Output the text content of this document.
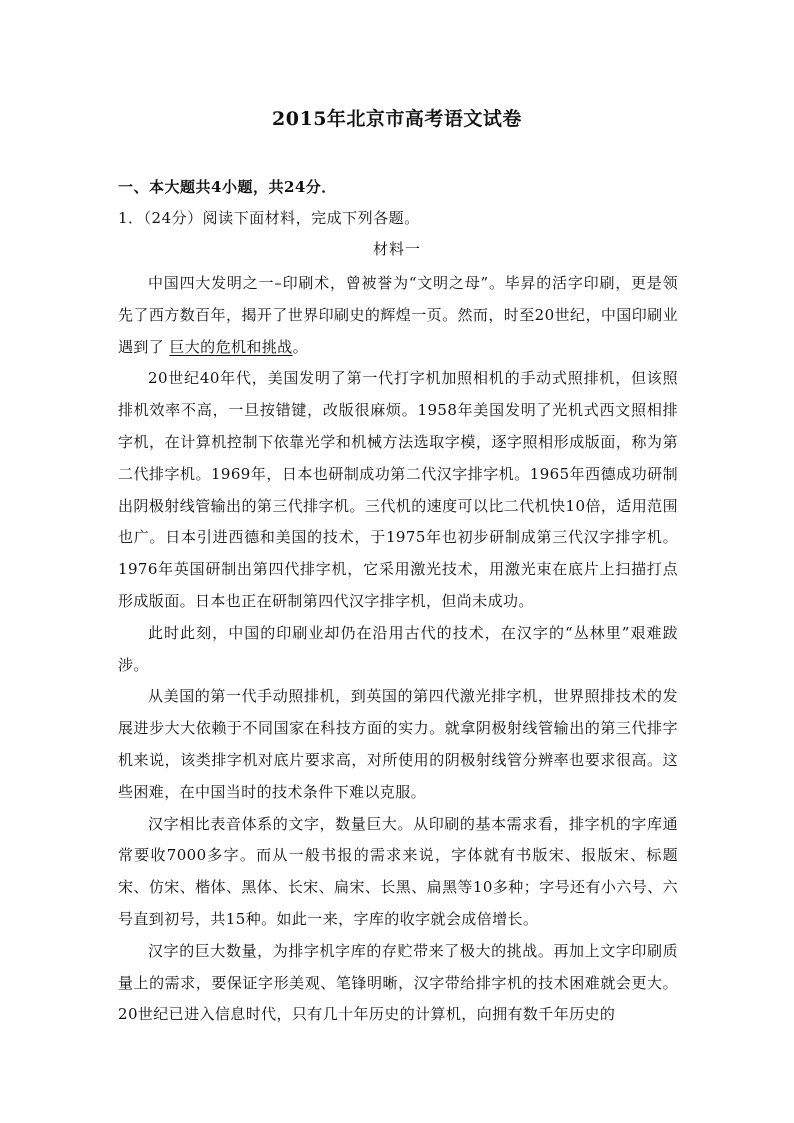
2015年北京市高考语文试卷
一、本大题共4小题，共24分．
1．（24分）阅读下面材料，完成下列各题。
材料一

中国四大发明之一–印刷术，曾被誉为“文明之母”。毕昇的活字印刷，更是领先了西方数百年，揭开了世界印刷史的辉煌一页。然而，时至20世纪，中国印刷业遇到了 巨大的危机和挑战。

20世纪40年代，美国发明了第一代打字机加照相机的手动式照排机，但该照排机效率不高，一旦按错键，改版很麻烦。1958年美国发明了光机式西文照相排字机，在计算机控制下依靠光学和机械方法选取字模，逐字照相形成版面，称为第二代排字机。1969年，日本也研制成功第二代汉字排字机。1965年西德成功研制出阴极射线管输出的第三代排字机。三代机的速度可以比二代机快10倍，适用范围也广。日本引进西德和美国的技术，于1975年也初步研制成第三代汉字排字机。1976年英国研制出第四代排字机，它采用激光技术，用激光束在底片上扫描打点形成版面。日本也正在研制第四代汉字排字机，但尚未成功。

此时此刻，中国的印刷业却仍在沿用古代的技术，在汉字的“丛林里”艰难跋涉。

从美国的第一代手动照排机，到英国的第四代激光排字机，世界照排技术的发展进步大大依赖于不同国家在科技方面的实力。就拿阴极射线管输出的第三代排字机来说，该类排字机对底片要求高，对所使用的阴极射线管分辨率也要求很高。这些困难，在中国当时的技术条件下难以克服。

汉字相比表音体系的文字，数量巨大。从印刷的基本需求看，排字机的字库通常要收7000多字。而从一般书报的需求来说，字体就有书版宋、报版宋、标题宋、仿宋、楷体、黑体、长宋、扁宋、长黑、扁黑等10多种；字号还有小六号、六号直到初号，共15种。如此一来，字库的收字就会成倍增长。

汉字的巨大数量，为排字机字库的存贮带来了极大的挑战。再加上文字印刷质量上的需求，要保证字形美观、笔锋明晰，汉字带给排字机的技术困难就会更大。20世纪已进入信息时代，只有几十年历史的计算机，向拥有数千年历史的
